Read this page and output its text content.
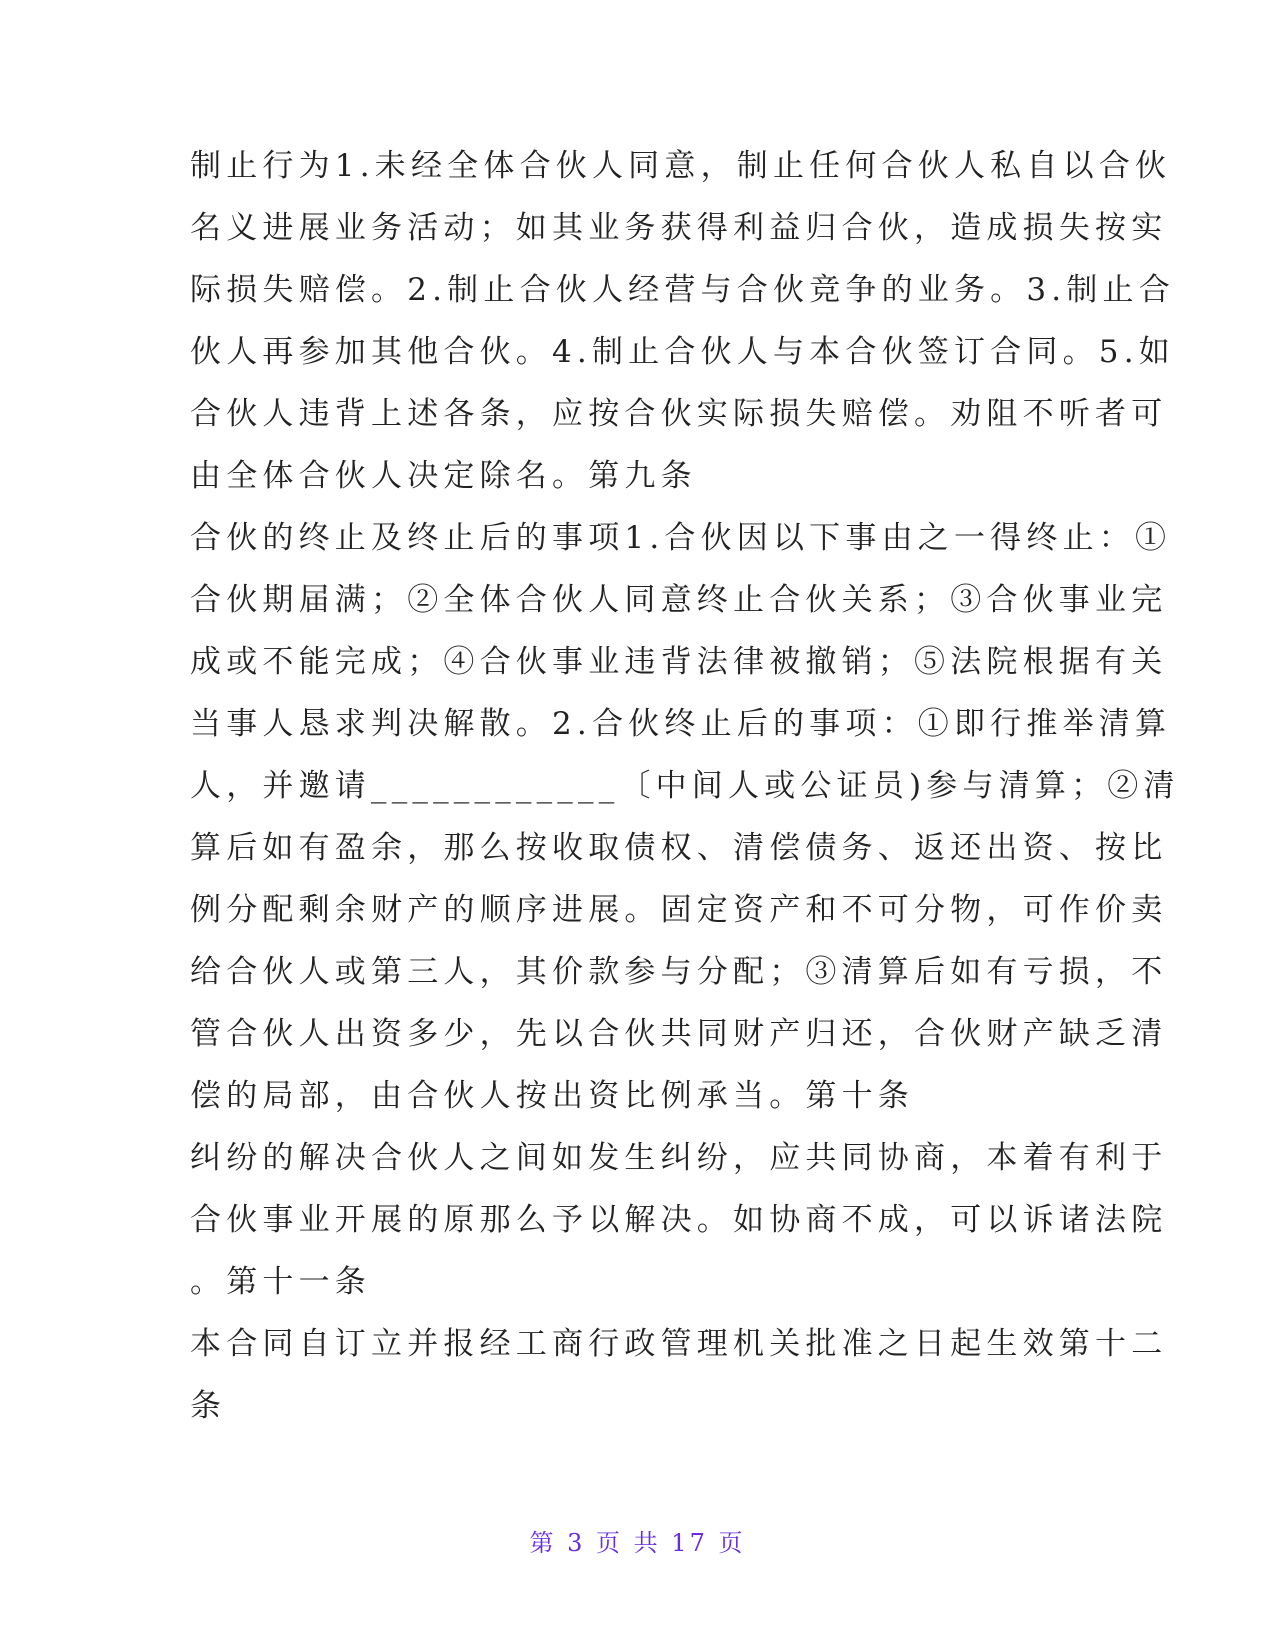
制止行为1.未经全体合伙人同意，制止任何合伙人私自以合伙
名义进展业务活动；如其业务获得利益归合伙，造成损失按实
际损失赔偿。2.制止合伙人经营与合伙竞争的业务。3.制止合
伙人再参加其他合伙。4.制止合伙人与本合伙签订合同。5.如
合伙人违背上述各条，应按合伙实际损失赔偿。劝阻不听者可
由全体合伙人决定除名。第九条
合伙的终止及终止后的事项1.合伙因以下事由之一得终止：①
合伙期届满；②全体合伙人同意终止合伙关系；③合伙事业完
成或不能完成；④合伙事业违背法律被撤销；⑤法院根据有关
当事人恳求判决解散。2.合伙终止后的事项：①即行推举清算
人，并邀请____________〔中间人或公证员)参与清算；②清
算后如有盈余，那么按收取债权、清偿债务、返还出资、按比
例分配剩余财产的顺序进展。固定资产和不可分物，可作价卖
给合伙人或第三人，其价款参与分配；③清算后如有亏损，不
管合伙人出资多少，先以合伙共同财产归还，合伙财产缺乏清
偿的局部，由合伙人按出资比例承当。第十条
纠纷的解决合伙人之间如发生纠纷，应共同协商，本着有利于
合伙事业开展的原那么予以解决。如协商不成，可以诉诸法院
。第十一条
本合同自订立并报经工商行政管理机关批准之日起生效第十二
条
第 3 页 共 17 页
